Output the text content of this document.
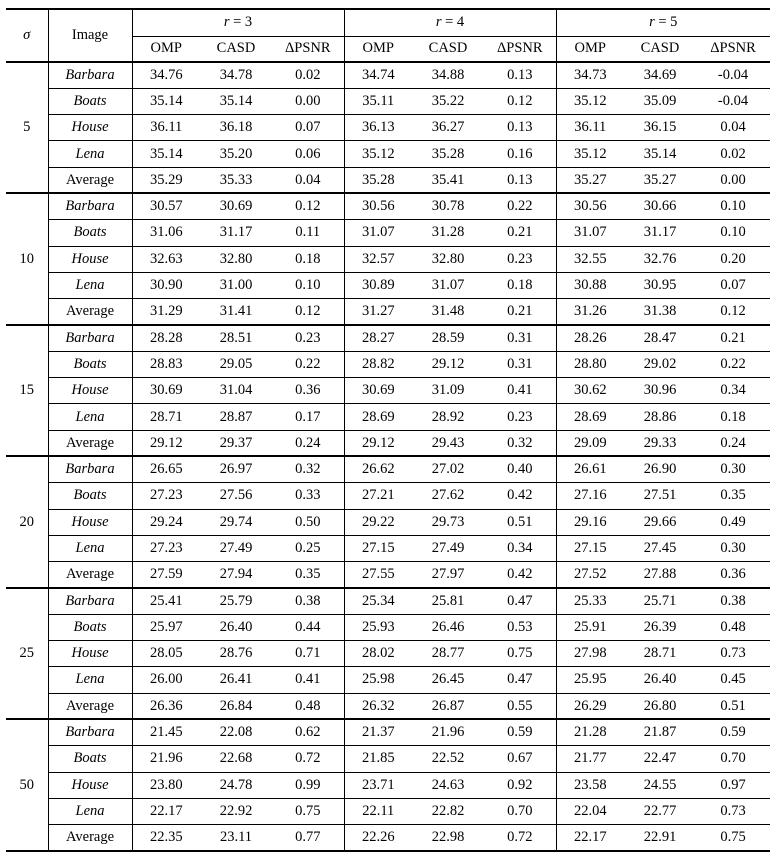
σ	Image	r = 3			r = 4			r = 5		
		OMP	CASD	ΔPSNR	OMP	CASD	ΔPSNR	OMP	CASD	ΔPSNR
5	Barbara	34.76	34.78	0.02	34.74	34.88	0.13	34.73	34.69	-0.04
	Boats	35.14	35.14	0.00	35.11	35.22	0.12	35.12	35.09	-0.04
	House	36.11	36.18	0.07	36.13	36.27	0.13	36.11	36.15	0.04
	Lena	35.14	35.20	0.06	35.12	35.28	0.16	35.12	35.14	0.02
	Average	35.29	35.33	0.04	35.28	35.41	0.13	35.27	35.27	0.00
10	Barbara	30.57	30.69	0.12	30.56	30.78	0.22	30.56	30.66	0.10
	Boats	31.06	31.17	0.11	31.07	31.28	0.21	31.07	31.17	0.10
	House	32.63	32.80	0.18	32.57	32.80	0.23	32.55	32.76	0.20
	Lena	30.90	31.00	0.10	30.89	31.07	0.18	30.88	30.95	0.07
	Average	31.29	31.41	0.12	31.27	31.48	0.21	31.26	31.38	0.12
15	Barbara	28.28	28.51	0.23	28.27	28.59	0.31	28.26	28.47	0.21
	Boats	28.83	29.05	0.22	28.82	29.12	0.31	28.80	29.02	0.22
	House	30.69	31.04	0.36	30.69	31.09	0.41	30.62	30.96	0.34
	Lena	28.71	28.87	0.17	28.69	28.92	0.23	28.69	28.86	0.18
	Average	29.12	29.37	0.24	29.12	29.43	0.32	29.09	29.33	0.24
20	Barbara	26.65	26.97	0.32	26.62	27.02	0.40	26.61	26.90	0.30
	Boats	27.23	27.56	0.33	27.21	27.62	0.42	27.16	27.51	0.35
	House	29.24	29.74	0.50	29.22	29.73	0.51	29.16	29.66	0.49
	Lena	27.23	27.49	0.25	27.15	27.49	0.34	27.15	27.45	0.30
	Average	27.59	27.94	0.35	27.55	27.97	0.42	27.52	27.88	0.36
25	Barbara	25.41	25.79	0.38	25.34	25.81	0.47	25.33	25.71	0.38
	Boats	25.97	26.40	0.44	25.93	26.46	0.53	25.91	26.39	0.48
	House	28.05	28.76	0.71	28.02	28.77	0.75	27.98	28.71	0.73
	Lena	26.00	26.41	0.41	25.98	26.45	0.47	25.95	26.40	0.45
	Average	26.36	26.84	0.48	26.32	26.87	0.55	26.29	26.80	0.51
50	Barbara	21.45	22.08	0.62	21.37	21.96	0.59	21.28	21.87	0.59
	Boats	21.96	22.68	0.72	21.85	22.52	0.67	21.77	22.47	0.70
	House	23.80	24.78	0.99	23.71	24.63	0.92	23.58	24.55	0.97
	Lena	22.17	22.92	0.75	22.11	22.82	0.70	22.04	22.77	0.73
	Average	22.35	23.11	0.77	22.26	22.98	0.72	22.17	22.91	0.75
